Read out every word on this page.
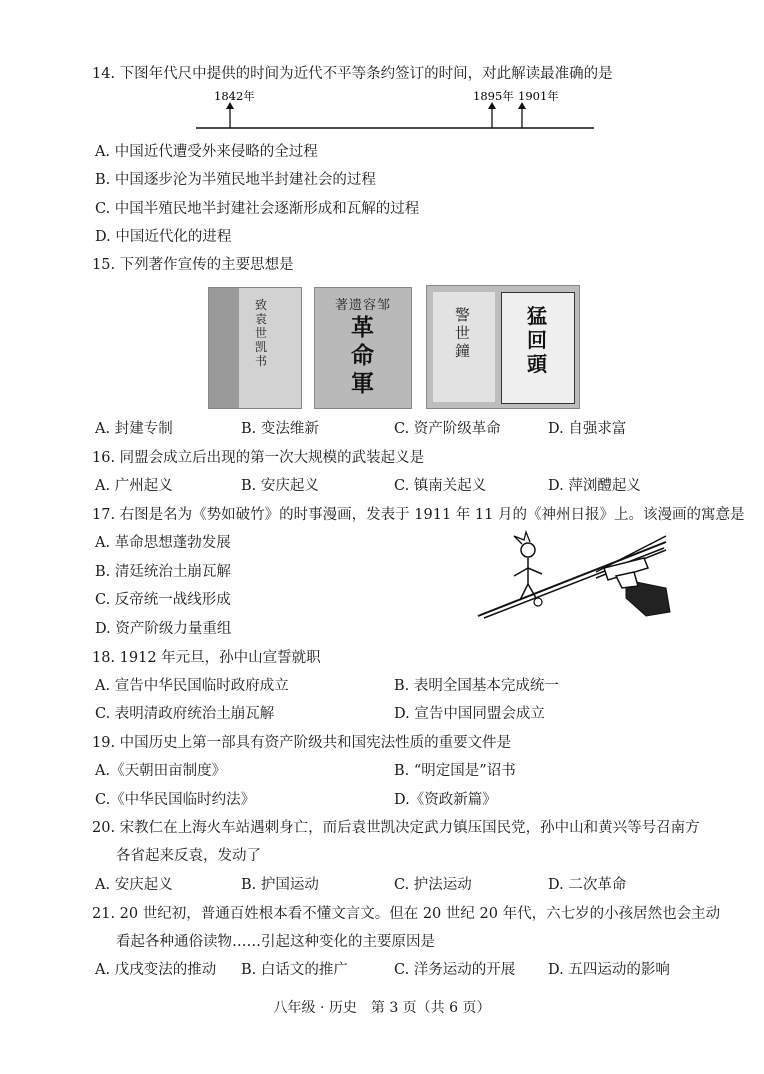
14. 下图年代尺中提供的时间为近代不平等条约签订的时间，对此解读最准确的是
1842年	1895年 1901年
A. 中国近代遭受外来侵略的全过程
B. 中国逐步沦为半殖民地半封建社会的过程
C. 中国半殖民地半封建社会逐渐形成和瓦解的过程
D. 中国近代化的进程
15. 下列著作宣传的主要思想是
致袁世凯书
著遗容邹
革命軍
警世鐘
猛回頭
A. 封建专制	B. 变法维新	C. 资产阶级革命	D. 自强求富
16. 同盟会成立后出现的第一次大规模的武装起义是
A. 广州起义	B. 安庆起义	C. 镇南关起义	D. 萍浏醴起义
17. 右图是名为《势如破竹》的时事漫画，发表于 1911 年 11 月的《神州日报》上。该漫画的寓意是
A. 革命思想蓬勃发展
B. 清廷统治土崩瓦解
C. 反帝统一战线形成
D. 资产阶级力量重组
18. 1912 年元旦，孙中山宣誓就职
A. 宣告中华民国临时政府成立	B. 表明全国基本完成统一
C. 表明清政府统治土崩瓦解	D. 宣告中国同盟会成立
19. 中国历史上第一部具有资产阶级共和国宪法性质的重要文件是
A.《天朝田亩制度》	B. “明定国是”诏书
C.《中华民国临时约法》	D.《资政新篇》
20. 宋教仁在上海火车站遇刺身亡，而后袁世凯决定武力镇压国民党，孙中山和黄兴等号召南方
各省起来反袁，发动了
A. 安庆起义	B. 护国运动	C. 护法运动	D. 二次革命
21. 20 世纪初，普通百姓根本看不懂文言文。但在 20 世纪 20 年代，六七岁的小孩居然也会主动
看起各种通俗读物……引起这种变化的主要原因是
A. 戊戌变法的推动 B. 白话文的推广	C. 洋务运动的开展 D. 五四运动的影响
八年级 · 历史　第 3 页（共 6 页）
